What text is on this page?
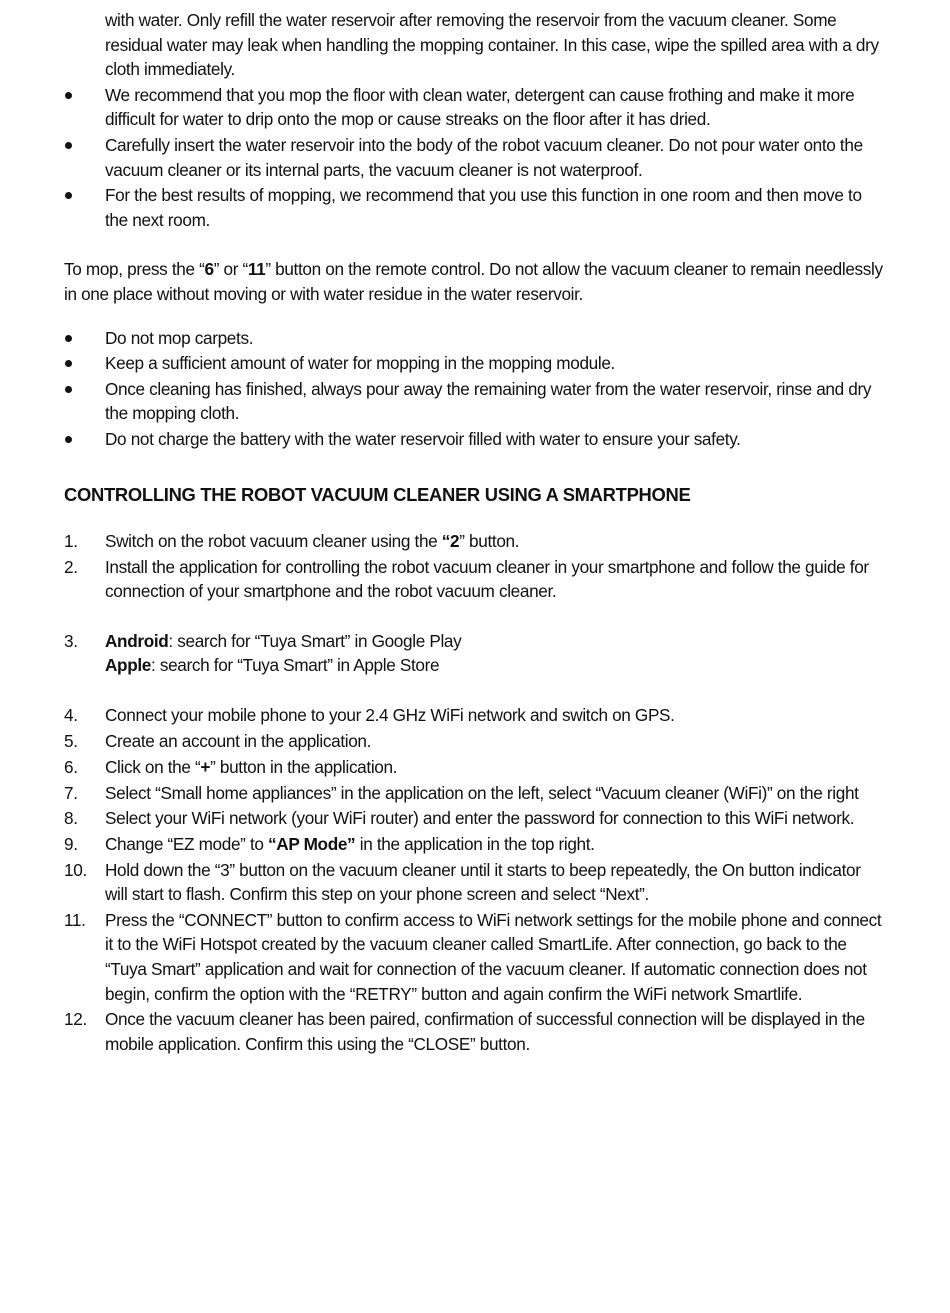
with water. Only refill the water reservoir after removing the reservoir from the vacuum cleaner. Some residual water may leak when handling the mopping container. In this case, wipe the spilled area with a dry cloth immediately.
We recommend that you mop the floor with clean water, detergent can cause frothing and make it more difficult for water to drip onto the mop or cause streaks on the floor after it has dried.
Carefully insert the water reservoir into the body of the robot vacuum cleaner. Do not pour water onto the vacuum cleaner or its internal parts, the vacuum cleaner is not waterproof.
For the best results of mopping, we recommend that you use this function in one room and then move to the next room.

To mop, press the “6” or “11” button on the remote control. Do not allow the vacuum cleaner to remain needlessly in one place without moving or with water residue in the water reservoir.

Do not mop carpets.
Keep a sufficient amount of water for mopping in the mopping module.
Once cleaning has finished, always pour away the remaining water from the water reservoir, rinse and dry the mopping cloth.
Do not charge the battery with the water reservoir filled with water to ensure your safety.
CONTROLLING THE ROBOT VACUUM CLEANER USING A SMARTPHONE
1.	Switch on the robot vacuum cleaner using the “2” button.
2.	Install the application for controlling the robot vacuum cleaner in your smartphone and follow the guide for connection of your smartphone and the robot vacuum cleaner.
3.	Android: search for “Tuya Smart” in Google Play
Apple: search for “Tuya Smart” in Apple Store
4.	Connect your mobile phone to your 2.4 GHz WiFi network and switch on GPS.
5.	Create an account in the application.
6.	Click on the “+” button in the application.
7.	Select “Small home appliances” in the application on the left, select “Vacuum cleaner (WiFi)” on the right
8.	Select your WiFi network (your WiFi router) and enter the password for connection to this WiFi network.
9.	Change “EZ mode” to “AP Mode” in the application in the top right.
10.	Hold down the “3” button on the vacuum cleaner until it starts to beep repeatedly, the On button indicator will start to flash. Confirm this step on your phone screen and select “Next”.
11.	Press the “CONNECT” button to confirm access to WiFi network settings for the mobile phone and connect it to the WiFi Hotspot created by the vacuum cleaner called SmartLife. After connection, go back to the “Tuya Smart” application and wait for connection of the vacuum cleaner. If automatic connection does not begin, confirm the option with the “RETRY” button and again confirm the WiFi network Smartlife.
12.	Once the vacuum cleaner has been paired, confirmation of successful connection will be displayed in the mobile application. Confirm this using the “CLOSE” button.
